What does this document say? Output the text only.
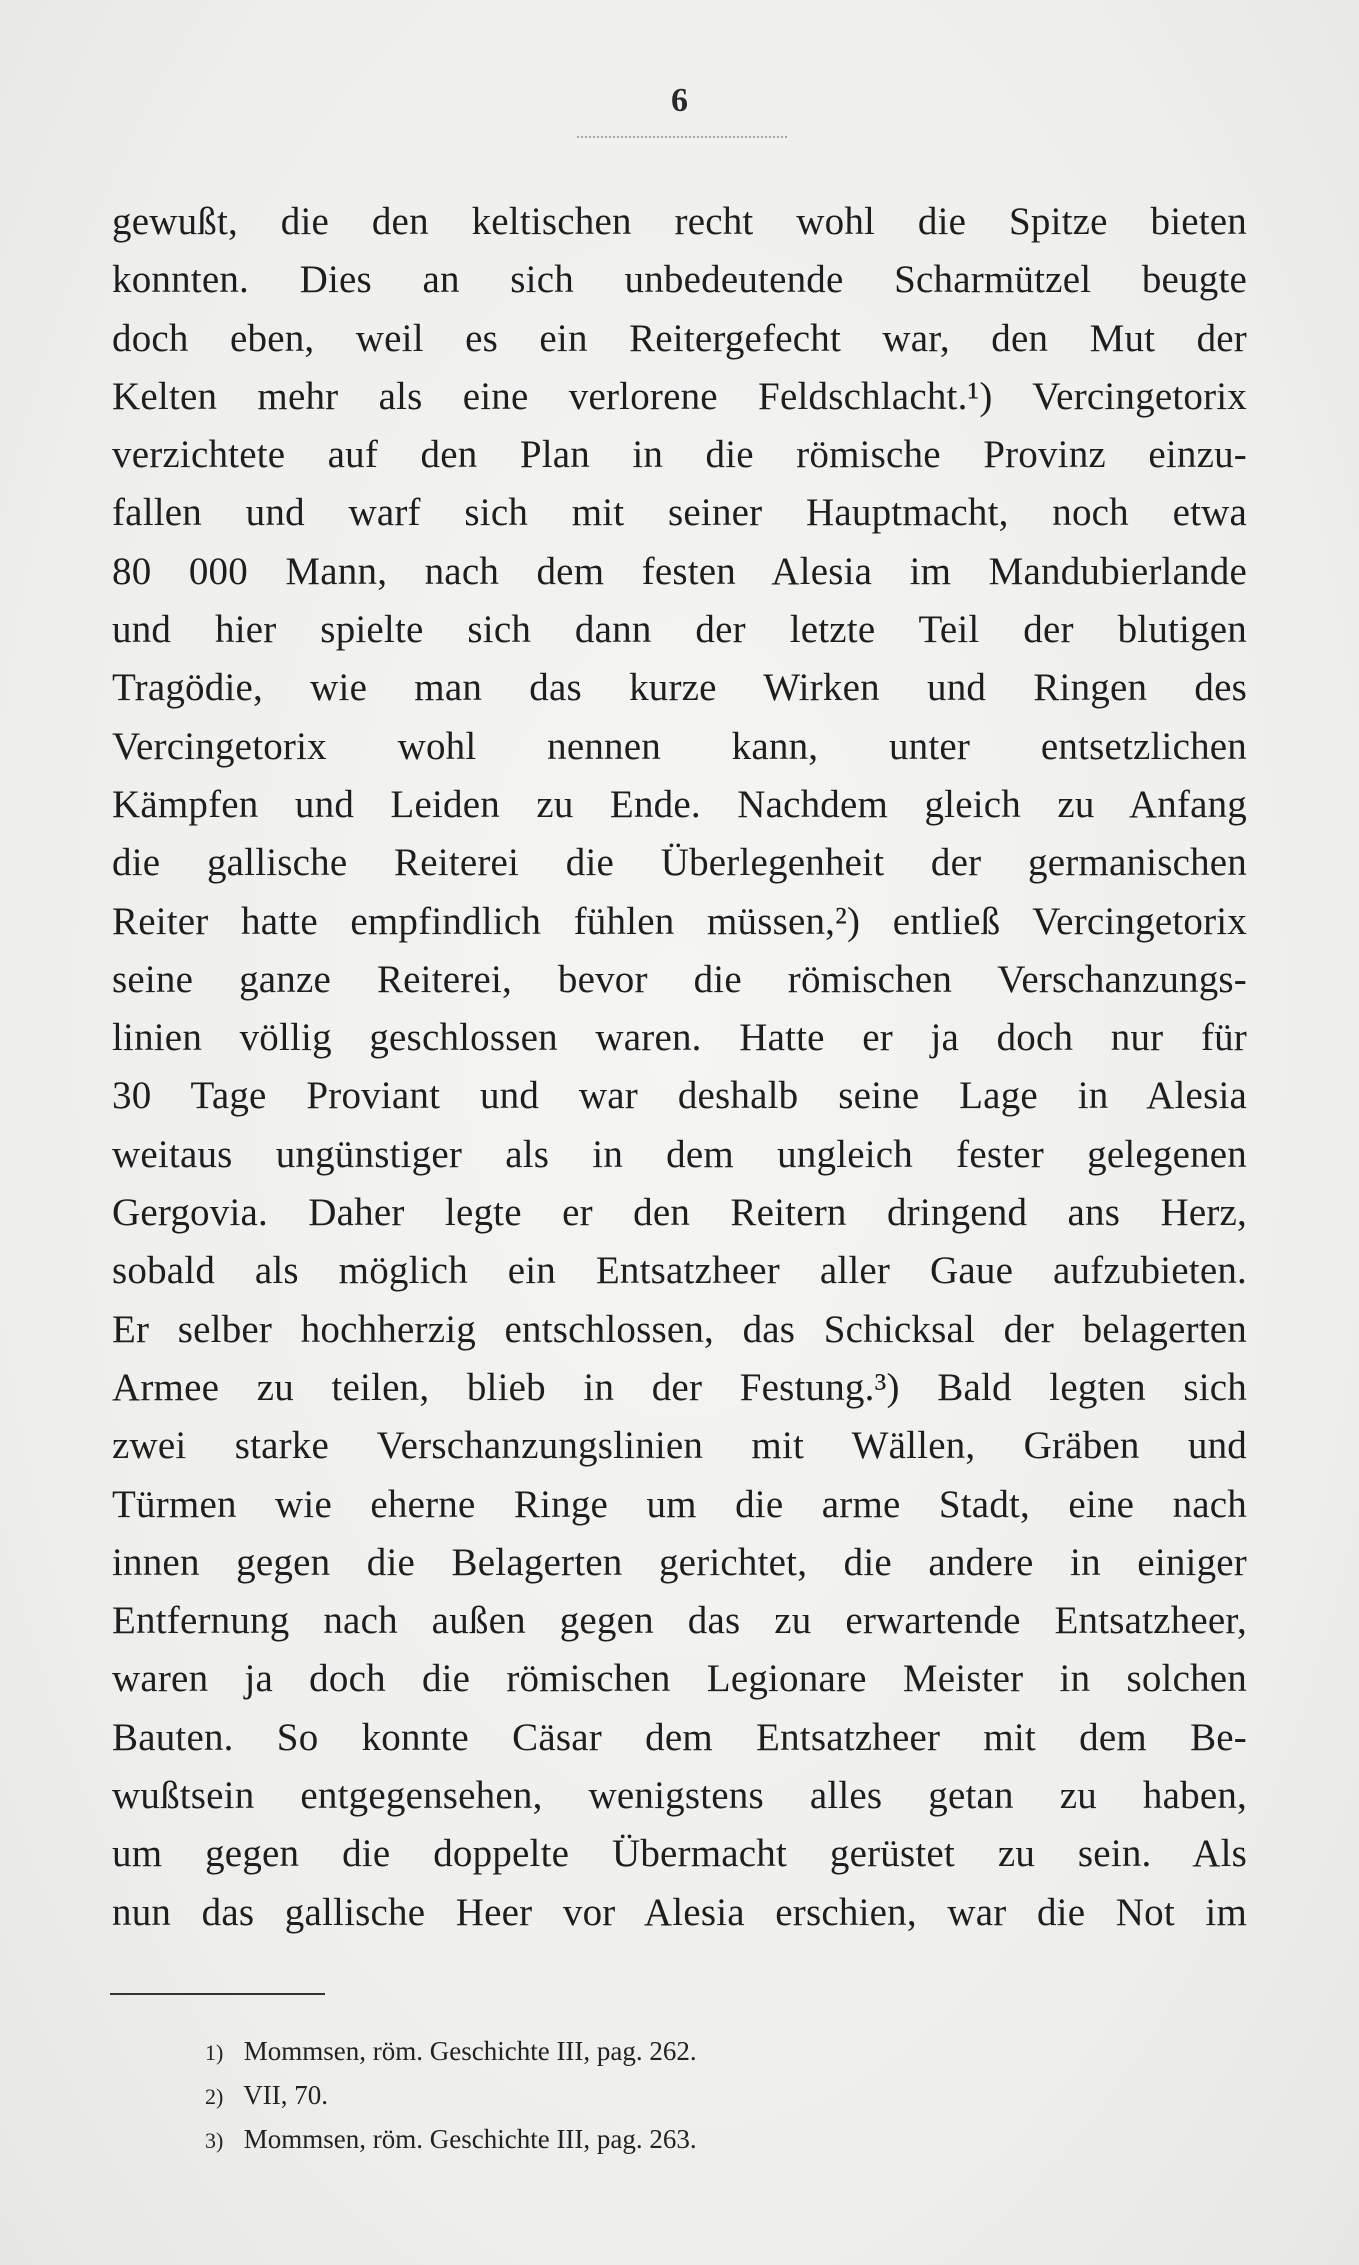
6
gewußt, die den keltischen recht wohl die Spitze bieten
konnten. Dies an sich unbedeutende Scharmützel beugte
doch eben, weil es ein Reitergefecht war, den Mut der
Kelten mehr als eine verlorene Feldschlacht.¹) Vercingetorix
verzichtete auf den Plan in die römische Provinz einzu-
fallen und warf sich mit seiner Hauptmacht, noch etwa
80 000 Mann, nach dem festen Alesia im Mandubierlande
und hier spielte sich dann der letzte Teil der blutigen
Tragödie, wie man das kurze Wirken und Ringen des
Vercingetorix wohl nennen kann, unter entsetzlichen
Kämpfen und Leiden zu Ende. Nachdem gleich zu Anfang
die gallische Reiterei die Überlegenheit der germanischen
Reiter hatte empfindlich fühlen müssen,²) entließ Vercingetorix
seine ganze Reiterei, bevor die römischen Verschanzungs-
linien völlig geschlossen waren. Hatte er ja doch nur für
30 Tage Proviant und war deshalb seine Lage in Alesia
weitaus ungünstiger als in dem ungleich fester gelegenen
Gergovia. Daher legte er den Reitern dringend ans Herz,
sobald als möglich ein Entsatzheer aller Gaue aufzubieten.
Er selber hochherzig entschlossen, das Schicksal der belagerten
Armee zu teilen, blieb in der Festung.³) Bald legten sich
zwei starke Verschanzungslinien mit Wällen, Gräben und
Türmen wie eherne Ringe um die arme Stadt, eine nach
innen gegen die Belagerten gerichtet, die andere in einiger
Entfernung nach außen gegen das zu erwartende Entsatzheer,
waren ja doch die römischen Legionare Meister in solchen
Bauten. So konnte Cäsar dem Entsatzheer mit dem Be-
wußtsein entgegensehen, wenigstens alles getan zu haben,
um gegen die doppelte Übermacht gerüstet zu sein. Als
nun das gallische Heer vor Alesia erschien, war die Not im
1) Mommsen, röm. Geschichte III, pag. 262.
2) VII, 70.
3) Mommsen, röm. Geschichte III, pag. 263.
